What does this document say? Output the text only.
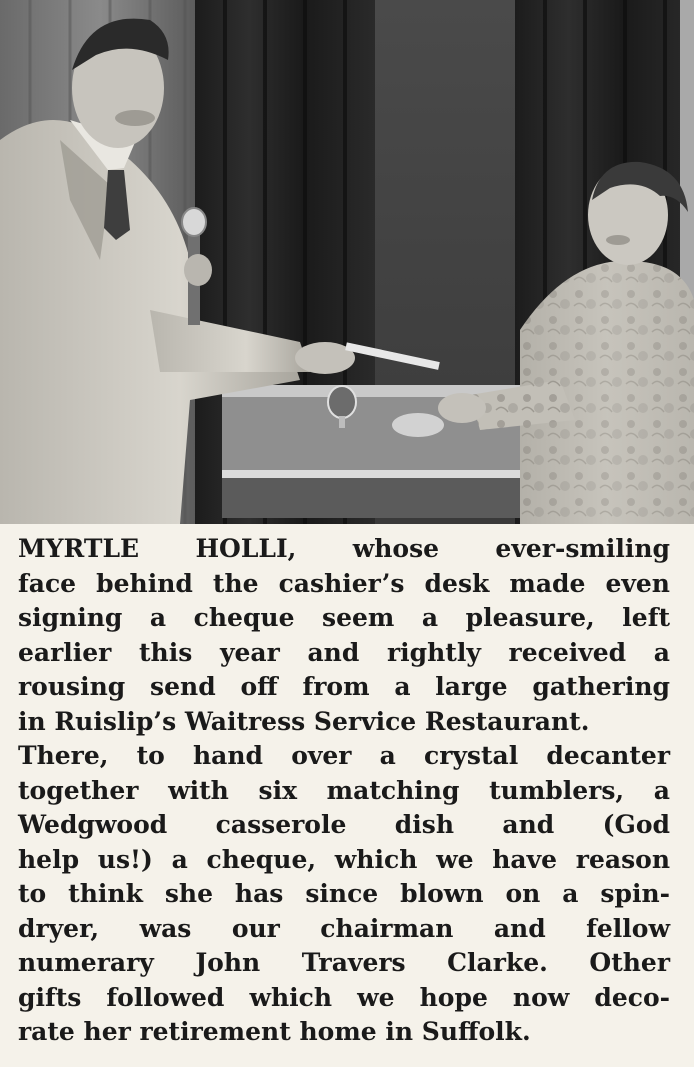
MYRTLE HOLLI, whose ever-smiling
face behind the cashier’s desk made even
signing a cheque seem a pleasure, left
earlier this year and rightly received a
rousing send off from a large gathering
in Ruislip’s Waitress Service Restaurant.
There, to hand over a crystal decanter
together with six matching tumblers, a
Wedgwood casserole dish and (God
help us!) a cheque, which we have reason
to think she has since blown on a spin-
dryer, was our chairman and fellow
numerary John Travers Clarke. Other
gifts followed which we hope now deco-
rate her retirement home in Suffolk.
